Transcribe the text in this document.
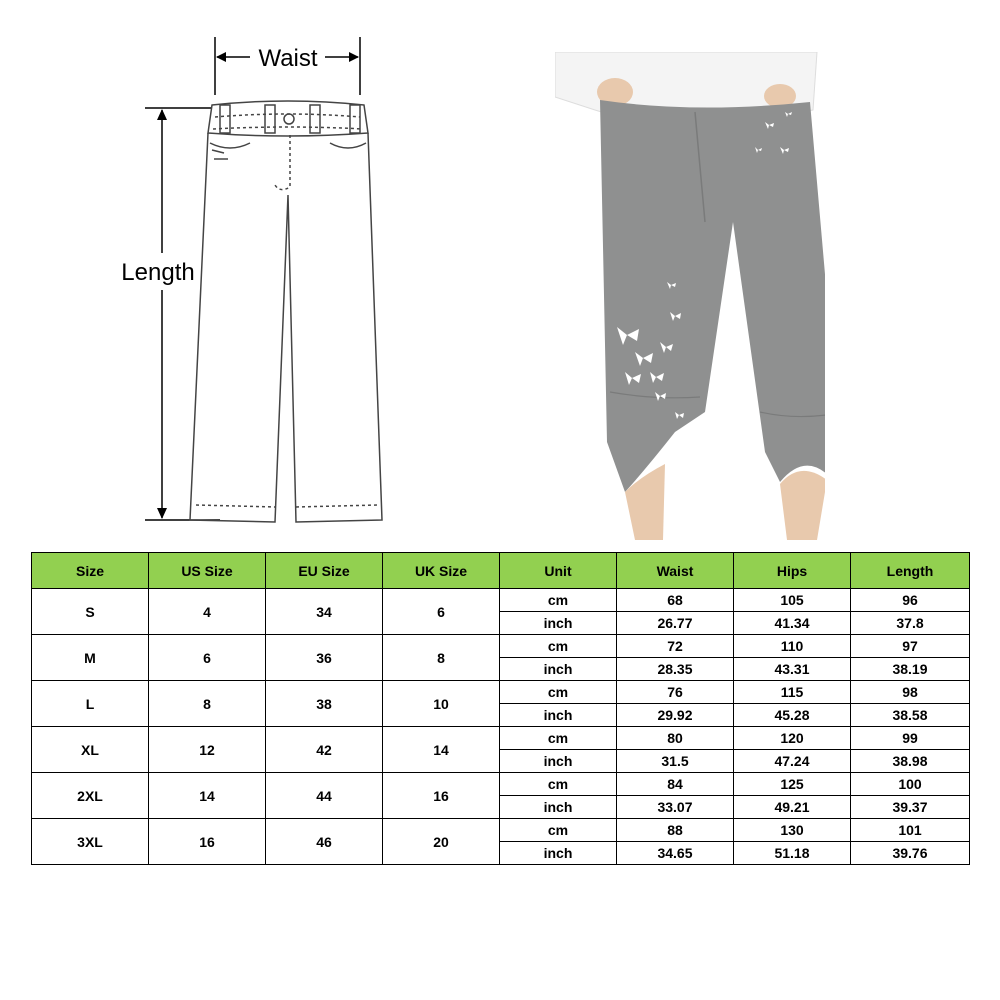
Waist
Length
Size	US Size	EU Size	UK Size	Unit	Waist	Hips	Length
S	4	34	6	cm	68	105	96
				inch	26.77	41.34	37.8
M	6	36	8	cm	72	110	97
				inch	28.35	43.31	38.19
L	8	38	10	cm	76	115	98
				inch	29.92	45.28	38.58
XL	12	42	14	cm	80	120	99
				inch	31.5	47.24	38.98
2XL	14	44	16	cm	84	125	100
				inch	33.07	49.21	39.37
3XL	16	46	20	cm	88	130	101
				inch	34.65	51.18	39.76
